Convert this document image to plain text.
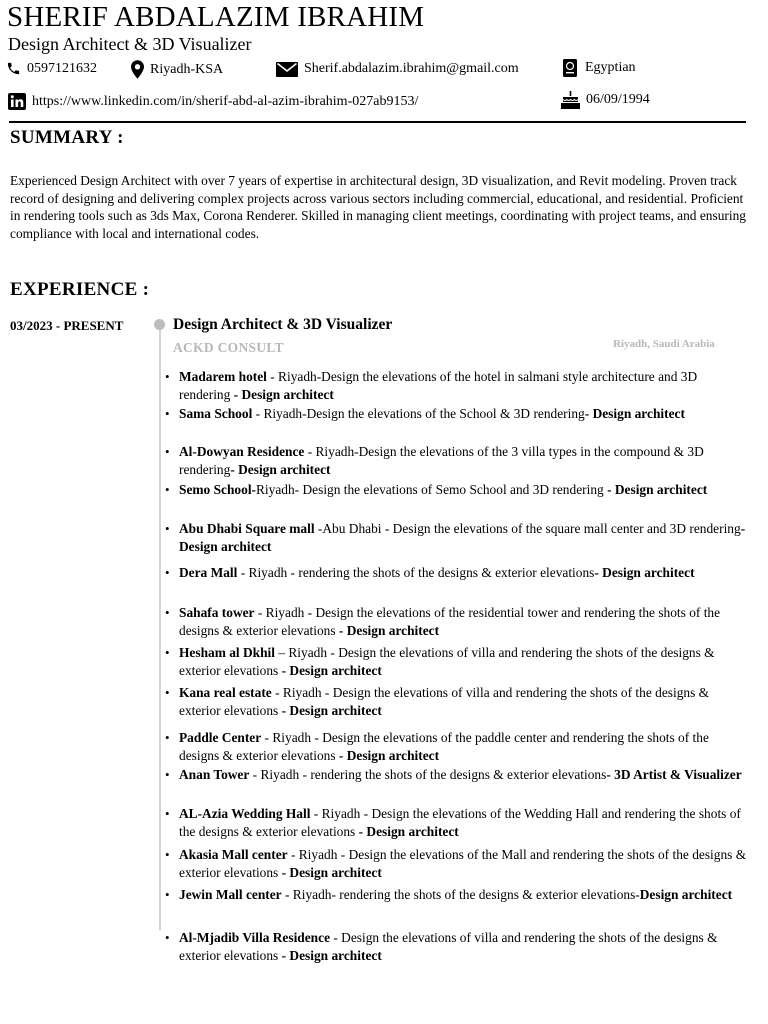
SHERIF ABDALAZIM IBRAHIM
Design Architect & 3D Visualizer
0597121632	Riyadh-KSA	Sherif.abdalazim.ibrahim@gmail.com	Egyptian
https://www.linkedin.com/in/sherif-abd-al-azim-ibrahim-027ab9153/	06/09/1994
SUMMARY :
Experienced Design Architect with over 7 years of expertise in architectural design, 3D visualization, and Revit modeling. Proven track record of designing and delivering complex projects across various sectors including commercial, educational, and residential. Proficient in rendering tools such as 3ds Max, Corona Renderer. Skilled in managing client meetings, coordinating with project teams, and ensuring compliance with local and international codes.
EXPERIENCE :
03/2023 - PRESENT	Design Architect & 3D Visualizer
ACKD CONSULT	Riyadh, Saudi Arabia
• Madarem hotel - Riyadh-Design the elevations of the hotel in salmani style architecture and 3D rendering - Design architect
• Sama School - Riyadh-Design the elevations of the School & 3D rendering- Design architect
• Al-Dowyan Residence - Riyadh-Design the elevations of the 3 villa types in the compound & 3D rendering- Design architect
• Semo School-Riyadh- Design the elevations of Semo School and 3D rendering - Design architect
• Abu Dhabi Square mall -Abu Dhabi - Design the elevations of the square mall center and 3D rendering-Design architect
• Dera Mall - Riyadh - rendering the shots of the designs & exterior elevations- Design architect
• Sahafa tower - Riyadh - Design the elevations of the residential tower and rendering the shots of the designs & exterior elevations - Design architect
• Hesham al Dkhil – Riyadh - Design the elevations of villa and rendering the shots of the designs & exterior elevations - Design architect
• Kana real estate - Riyadh - Design the elevations of villa and rendering the shots of the designs & exterior elevations - Design architect
• Paddle Center - Riyadh - Design the elevations of the paddle center and rendering the shots of the designs & exterior elevations - Design architect
• Anan Tower - Riyadh - rendering the shots of the designs & exterior elevations- 3D Artist & Visualizer
• AL-Azia Wedding Hall - Riyadh - Design the elevations of the Wedding Hall and rendering the shots of the designs & exterior elevations - Design architect
• Akasia Mall center - Riyadh - Design the elevations of the Mall and rendering the shots of the designs & exterior elevations - Design architect
• Jewin Mall center - Riyadh- rendering the shots of the designs & exterior elevations-Design architect
• Al-Mjadib Villa Residence - Design the elevations of villa and rendering the shots of the designs & exterior elevations - Design architect
